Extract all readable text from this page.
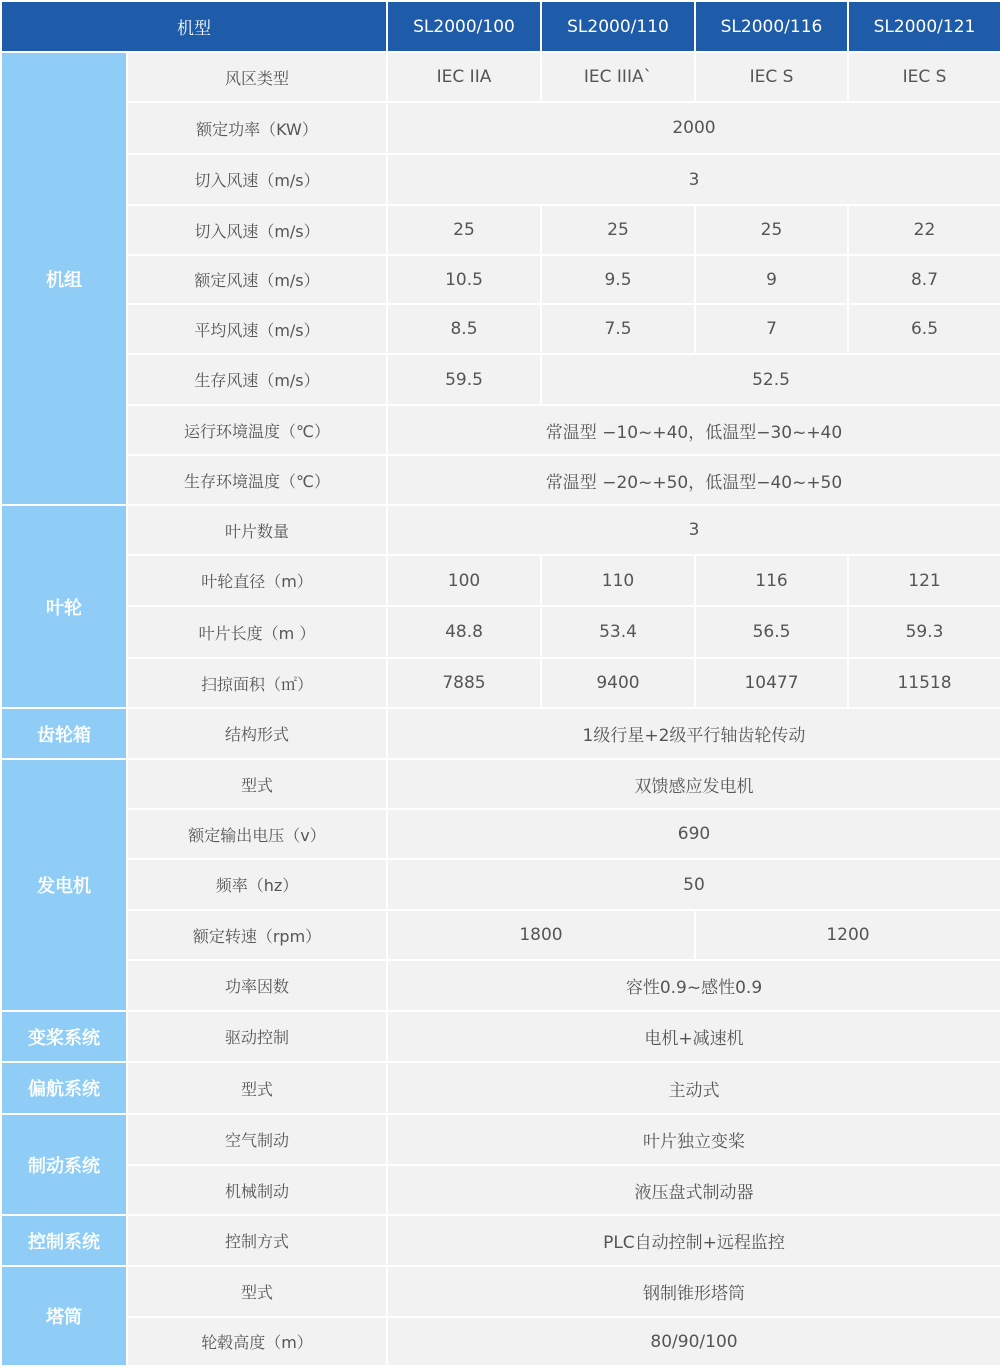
机型		SL2000/100	SL2000/110	SL2000/116	SL2000/121
机组	风区类型	IEC IIA	IEC IIIA`	IEC S	IEC S
	额定功率（KW）	2000			
	切入风速（m/s）	3			
	切入风速（m/s）	25	25	25	22
	额定风速（m/s）	10.5	9.5	9	8.7
	平均风速（m/s）	8.5	7.5	7	6.5
	生存风速（m/s）	59.5	52.5		
	运行环境温度（℃）	常温型 −10~+40，低温型−30~+40			
	生存环境温度（℃）	常温型 −20~+50，低温型−40~+50			
叶轮	叶片数量	3			
	叶轮直径（m）	100	110	116	121
	叶片长度（m ）	48.8	53.4	56.5	59.3
	扫掠面积（㎡）	7885	9400	10477	11518
齿轮箱	结构形式	1级行星+2级平行轴齿轮传动			
发电机	型式	双馈感应发电机			
	额定输出电压（v）	690			
	频率（hz）	50			
	额定转速（rpm）	1800		1200	
	功率因数	容性0.9~感性0.9			
变桨系统	驱动控制	电机+减速机			
偏航系统	型式	主动式			
制动系统	空气制动	叶片独立变桨			
	机械制动	液压盘式制动器			
控制系统	控制方式	PLC自动控制+远程监控			
塔筒	型式	钢制锥形塔筒			
	轮毂高度（m）	80/90/100			
